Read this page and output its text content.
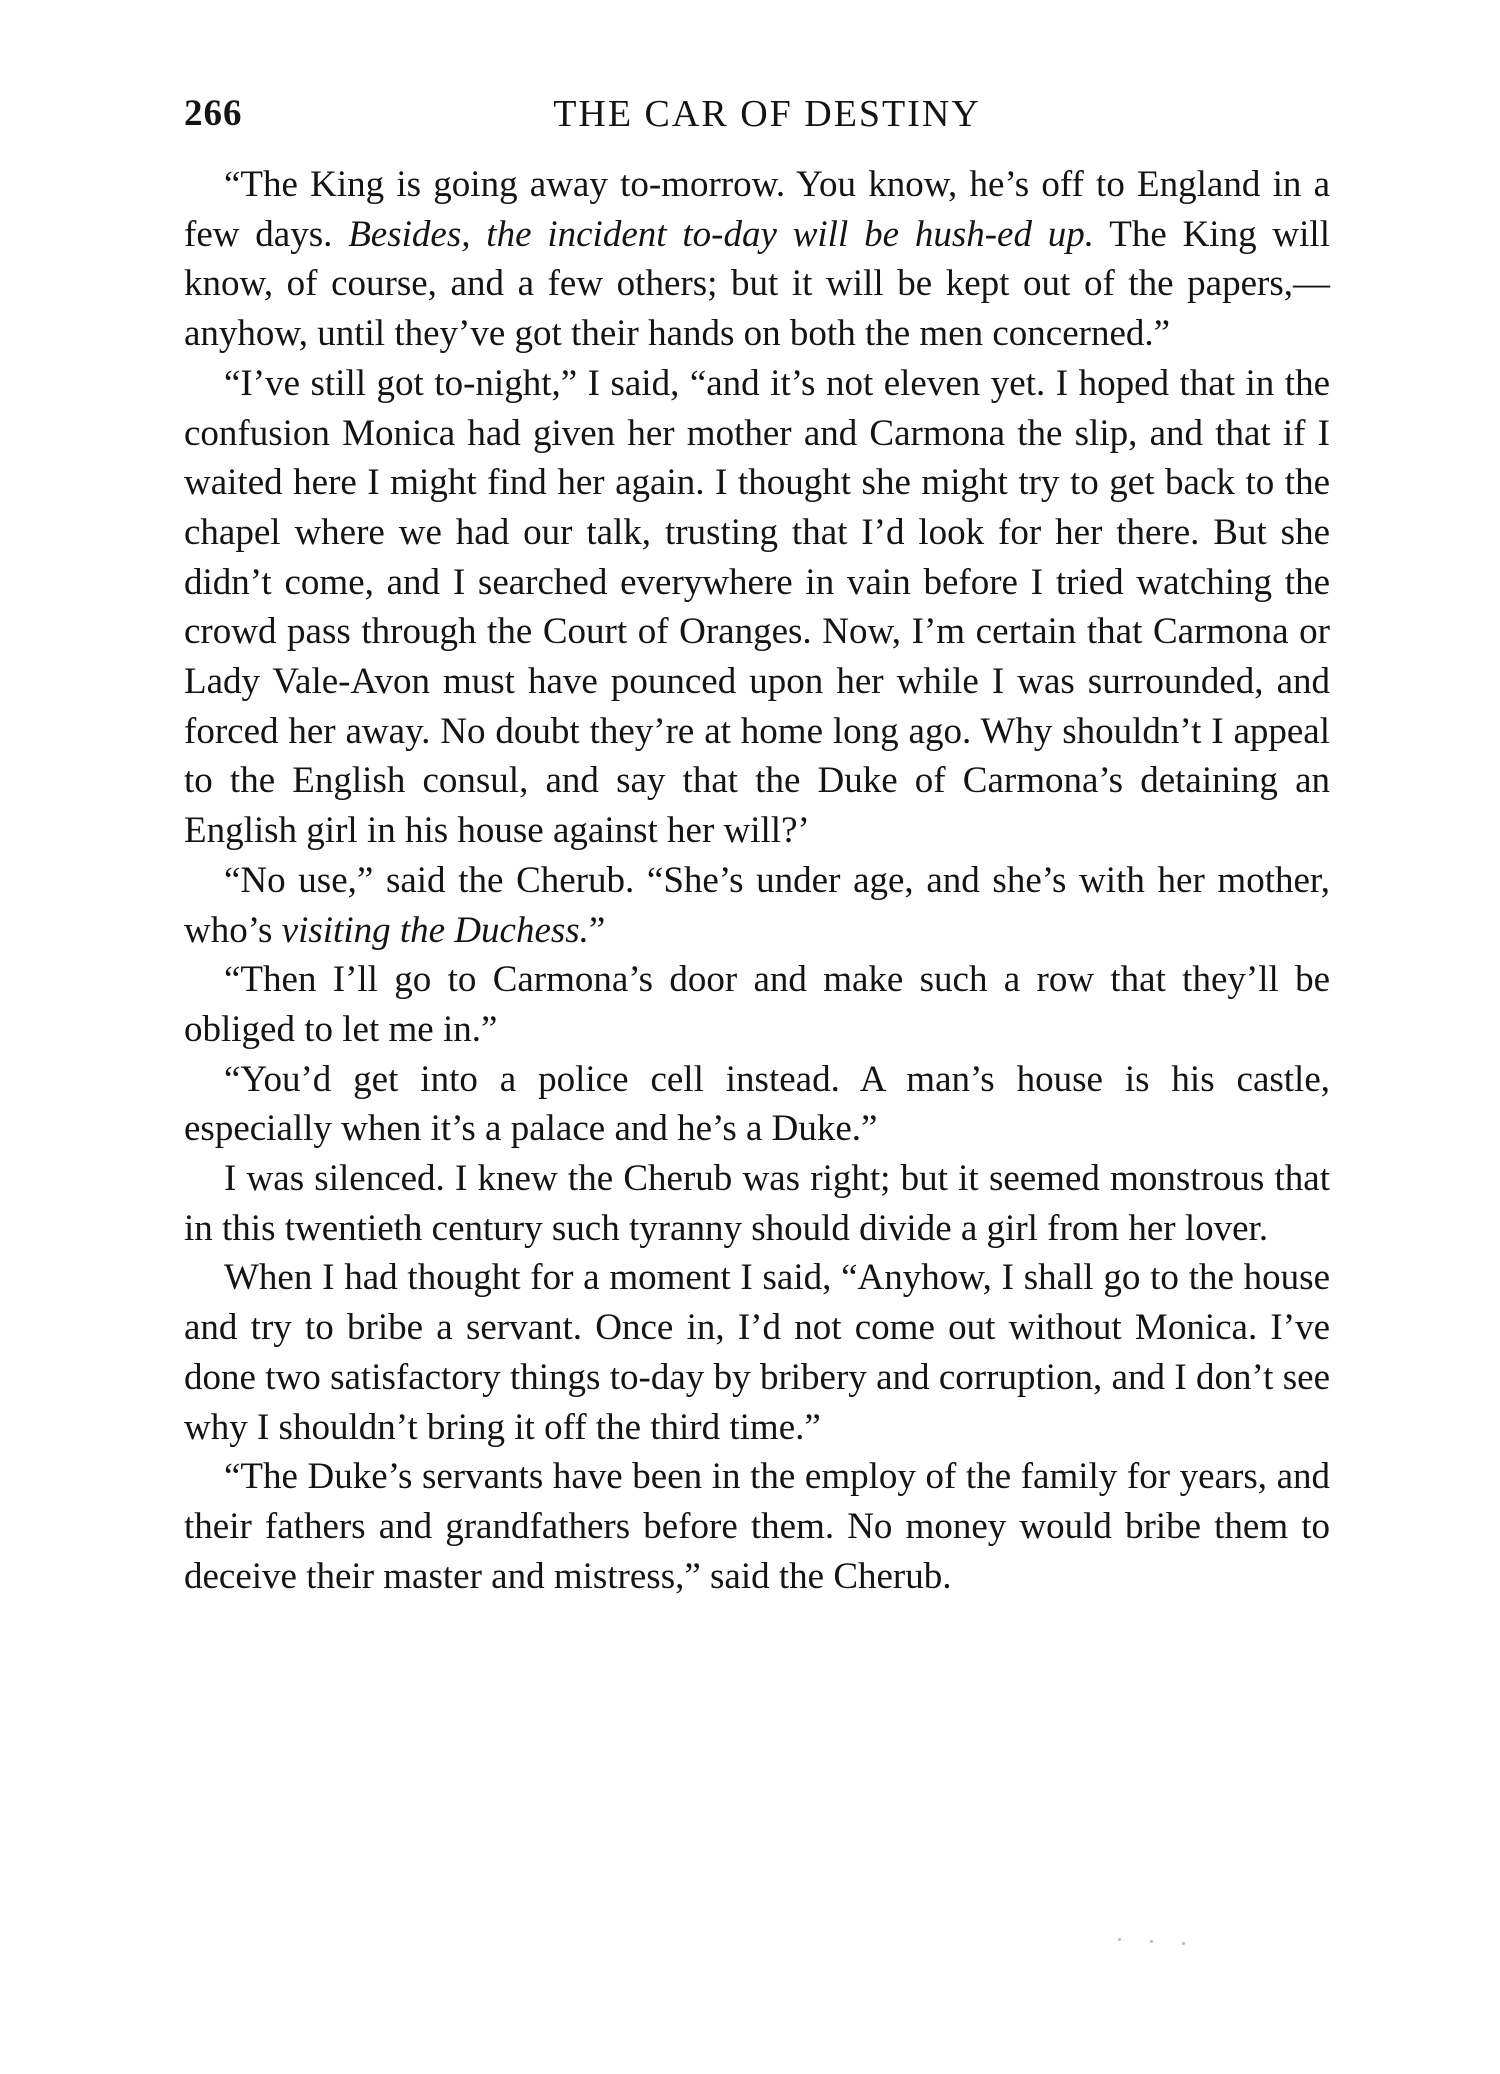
266	THE CAR OF DESTINY

“The King is going away to-morrow. You know, he’s off to England in a few days. Besides, the incident to-day will be hush-ed up. The King will know, of course, and a few others; but it will be kept out of the papers,— anyhow, until they’ve got their hands on both the men concerned.”

“I’ve still got to-night,” I said, “and it’s not eleven yet. I hoped that in the confusion Monica had given her mother and Carmona the slip, and that if I waited here I might find her again. I thought she might try to get back to the chapel where we had our talk, trusting that I’d look for her there. But she didn’t come, and I searched everywhere in vain before I tried watching the crowd pass through the Court of Oranges. Now, I’m certain that Carmona or Lady Vale-Avon must have pounced upon her while I was surrounded, and forced her away. No doubt they’re at home long ago. Why shouldn’t I appeal to the English consul, and say that the Duke of Carmona’s detaining an English girl in his house against her will?’

“No use,” said the Cherub. “She’s under age, and she’s with her mother, who’s visiting the Duchess.”

“Then I’ll go to Carmona’s door and make such a row that they’ll be obliged to let me in.”

“You’d get into a police cell instead. A man’s house is his castle, especially when it’s a palace and he’s a Duke.”

I was silenced. I knew the Cherub was right; but it seemed monstrous that in this twentieth century such tyranny should divide a girl from her lover.

When I had thought for a moment I said, “Anyhow, I shall go to the house and try to bribe a servant. Once in, I’d not come out without Monica. I’ve done two satisfactory things to-day by bribery and corruption, and I don’t see why I shouldn’t bring it off the third time.”

“The Duke’s servants have been in the employ of the family for years, and their fathers and grandfathers before them. No money would bribe them to deceive their master and mistress,” said the Cherub.
